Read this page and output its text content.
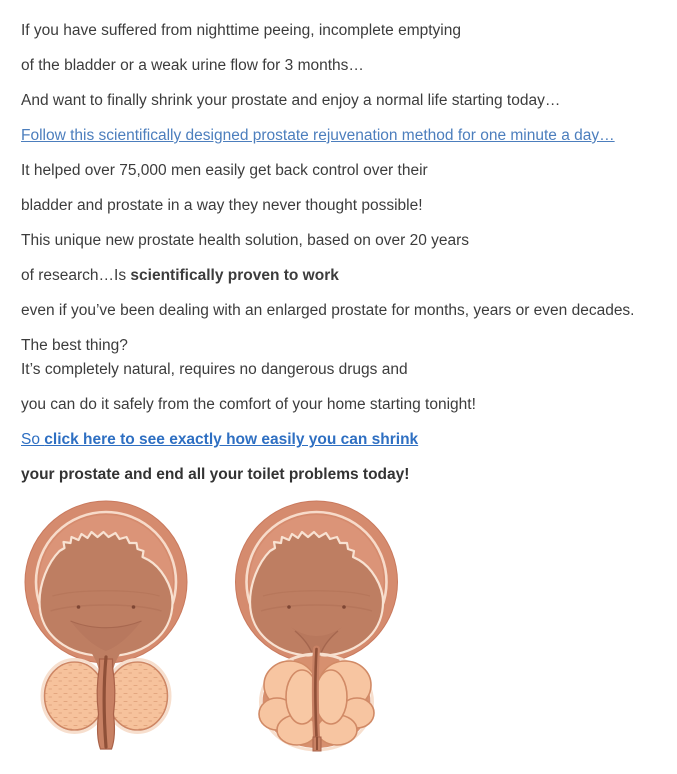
If you have suffered from nighttime peeing, incomplete emptying

of the bladder or a weak urine flow for 3 months…

And want to finally shrink your prostate and enjoy a normal life starting today…

Follow this scientifically designed prostate rejuvenation method for one minute a day…

It helped over 75,000 men easily get back control over their

bladder and prostate in a way they never thought possible!

This unique new prostate health solution, based on over 20 years

of research…Is scientifically proven to work

even if you’ve been dealing with an enlarged prostate for months, years or even decades.

The best thing?
It’s completely natural, requires no dangerous drugs and

you can do it safely from the comfort of your home starting tonight!

So click here to see exactly how easily you can shrink

your prostate and end all your toilet problems today!
